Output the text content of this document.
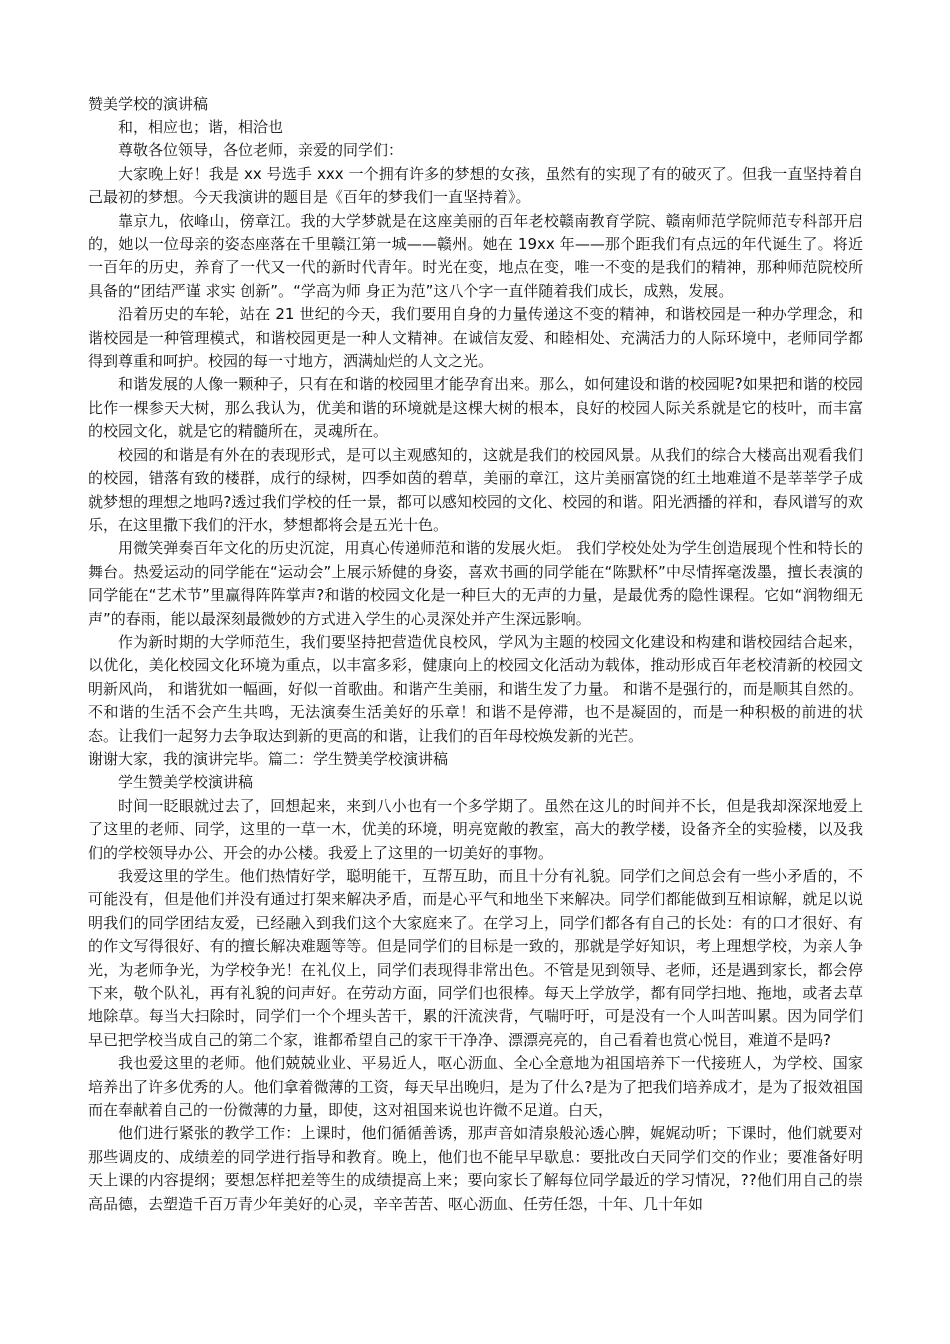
赞美学校的演讲稿

和，相应也；谐，相洽也

尊敬各位领导，各位老师，亲爱的同学们：

大家晚上好！我是 xx 号选手 xxx 一个拥有许多的梦想的女孩，虽然有的实现了有的破灭了。但我一直坚持着自己最初的梦想。今天我演讲的题目是《百年的梦我们一直坚持着》。

靠京九，依峰山，傍章江。我的大学梦就是在这座美丽的百年老校赣南教育学院、赣南师范学院师范专科部开启的，她以一位母亲的姿态座落在千里赣江第一城——赣州。她在 19xx 年——那个距我们有点远的年代诞生了。将近一百年的历史，养育了一代又一代的新时代青年。时光在变，地点在变，唯一不变的是我们的精神，那种师范院校所具备的“团结严谨 求实 创新”。“学高为师 身正为范”这八个字一直伴随着我们成长，成熟，发展。

沿着历史的车轮，站在 21 世纪的今天，我们要用自身的力量传递这不变的精神，和谐校园是一种办学理念，和谐校园是一种管理模式，和谐校园更是一种人文精神。在诚信友爱、和睦相处、充满活力的人际环境中，老师同学都得到尊重和呵护。校园的每一寸地方，洒满灿烂的人文之光。

和谐发展的人像一颗种子，只有在和谐的校园里才能孕育出来。那么，如何建设和谐的校园呢?如果把和谐的校园比作一棵参天大树，那么我认为，优美和谐的环境就是这棵大树的根本，良好的校园人际关系就是它的枝叶，而丰富的校园文化，就是它的精髓所在，灵魂所在。

校园的和谐是有外在的表现形式，是可以主观感知的，这就是我们的校园风景。从我们的综合大楼高出观看我们的校园，错落有致的楼群，成行的绿树，四季如茵的碧草，美丽的章江，这片美丽富饶的红土地难道不是莘莘学子成就梦想的理想之地吗?透过我们学校的任一景，都可以感知校园的文化、校园的和谐。阳光洒播的祥和，春风谱写的欢乐，在这里撒下我们的汗水，梦想都将会是五光十色。

用微笑弹奏百年文化的历史沉淀，用真心传递师范和谐的发展火炬。 我们学校处处为学生创造展现个性和特长的舞台。热爱运动的同学能在“运动会”上展示矫健的身姿，喜欢书画的同学能在“陈默杯”中尽情挥毫泼墨，擅长表演的同学能在“艺术节”里赢得阵阵掌声?和谐的校园文化是一种巨大的无声的力量，是最优秀的隐性课程。它如“润物细无声”的春雨，能以最深刻最微妙的方式进入学生的心灵深处并产生深远影响。

作为新时期的大学师范生，我们要坚持把营造优良校风，学风为主题的校园文化建设和构建和谐校园结合起来，以优化，美化校园文化环境为重点，以丰富多彩，健康向上的校园文化活动为载体，推动形成百年老校清新的校园文明新风尚， 和谐犹如一幅画，好似一首歌曲。和谐产生美丽，和谐生发了力量。 和谐不是强行的，而是顺其自然的。不和谐的生活不会产生共鸣，无法演奏生活美好的乐章！和谐不是停滞，也不是凝固的，而是一种积极的前进的状态。让我们一起努力去争取达到新的更高的和谐，让我们的百年母校焕发新的光芒。

谢谢大家，我的演讲完毕。篇二：学生赞美学校演讲稿

学生赞美学校演讲稿

时间一眨眼就过去了，回想起来，来到八小也有一个多学期了。虽然在这儿的时间并不长，但是我却深深地爱上了这里的老师、同学，这里的一草一木，优美的环境，明亮宽敞的教室，高大的教学楼，设备齐全的实验楼，以及我们的学校领导办公、开会的办公楼。我爱上了这里的一切美好的事物。

我爱这里的学生。他们热情好学，聪明能干，互帮互助，而且十分有礼貌。同学们之间总会有一些小矛盾的，不可能没有，但是他们并没有通过打架来解决矛盾，而是心平气和地坐下来解决。同学们都能做到互相谅解，就足以说明我们的同学团结友爱，已经融入到我们这个大家庭来了。在学习上，同学们都各有自己的长处：有的口才很好、有的作文写得很好、有的擅长解决难题等等。但是同学们的目标是一致的，那就是学好知识，考上理想学校，为亲人争光，为老师争光，为学校争光！在礼仪上，同学们表现得非常出色。不管是见到领导、老师，还是遇到家长，都会停下来，敬个队礼，再有礼貌的问声好。在劳动方面，同学们也很棒。每天上学放学，都有同学扫地、拖地，或者去草地除草。每当大扫除时，同学们一个个埋头苦干，累的汗流浃背，气喘吁吁，可是没有一个人叫苦叫累。因为同学们早已把学校当成自己的第二个家，谁都希望自己的家干干净净、漂漂亮亮的，自己看着也赏心悦目，难道不是吗?

我也爱这里的老师。他们兢兢业业、平易近人，呕心沥血、全心全意地为祖国培养下一代接班人，为学校、国家培养出了许多优秀的人。他们拿着微薄的工资，每天早出晚归，是为了什么?是为了把我们培养成才，是为了报效祖国而在奉献着自己的一份微薄的力量，即使，这对祖国来说也许微不足道。白天，

他们进行紧张的教学工作：上课时，他们循循善诱，那声音如清泉般沁透心脾，娓娓动听；下课时，他们就要对那些调皮的、成绩差的同学进行指导和教育。晚上，他们也不能早早歇息：要批改白天同学们交的作业；要准备好明天上课的内容提纲；要想怎样把差等生的成绩提高上来；要向家长了解每位同学最近的学习情况，??他们用自己的崇高品德，去塑造千百万青少年美好的心灵，辛辛苦苦、呕心沥血、任劳任怨，十年、几十年如
